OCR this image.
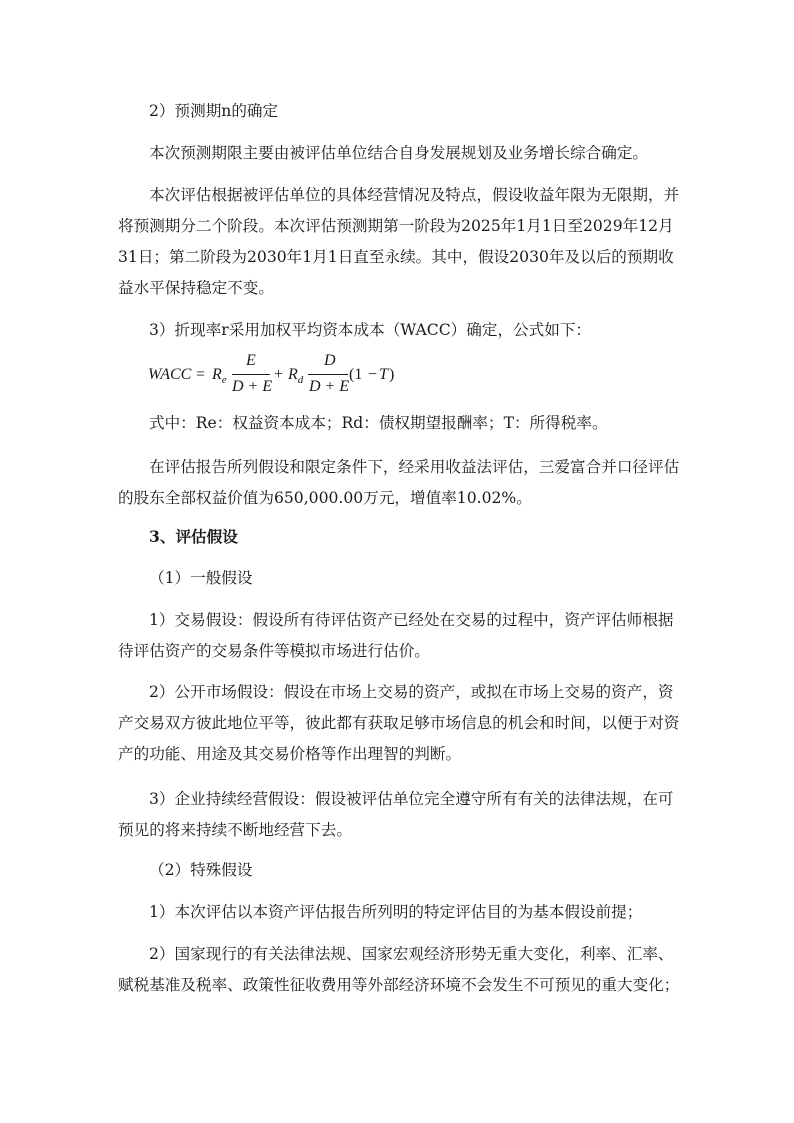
2）预测期n的确定

本次预测期限主要由被评估单位结合自身发展规划及业务增长综合确定。

本次评估根据被评估单位的具体经营情况及特点，假设收益年限为无限期，并将预测期分二个阶段。本次评估预测期第一阶段为2025年1月1日至2029年12月31日；第二阶段为2030年1月1日直至永续。其中，假设2030年及以后的预期收益水平保持稳定不变。

3）折现率r采用加权平均资本成本（WACC）确定，公式如下：

WACC = $R_e$
E
D + E
+ $R_d$
D
D + E
(1 − T )

式中：Re：权益资本成本；Rd：债权期望报酬率；T：所得税率。

在评估报告所列假设和限定条件下，经采用收益法评估，三爱富合并口径评估的股东全部权益价值为650,000.00万元，增值率10.02%。

3、评估假设

（1）一般假设

1）交易假设：假设所有待评估资产已经处在交易的过程中，资产评估师根据待评估资产的交易条件等模拟市场进行估价。

2）公开市场假设：假设在市场上交易的资产，或拟在市场上交易的资产，资产交易双方彼此地位平等，彼此都有获取足够市场信息的机会和时间，以便于对资产的功能、用途及其交易价格等作出理智的判断。

3）企业持续经营假设：假设被评估单位完全遵守所有有关的法律法规，在可预见的将来持续不断地经营下去。

（2）特殊假设

1）本次评估以本资产评估报告所列明的特定评估目的为基本假设前提；

2）国家现行的有关法律法规、国家宏观经济形势无重大变化，利率、汇率、赋税基准及税率、政策性征收费用等外部经济环境不会发生不可预见的重大变化；
